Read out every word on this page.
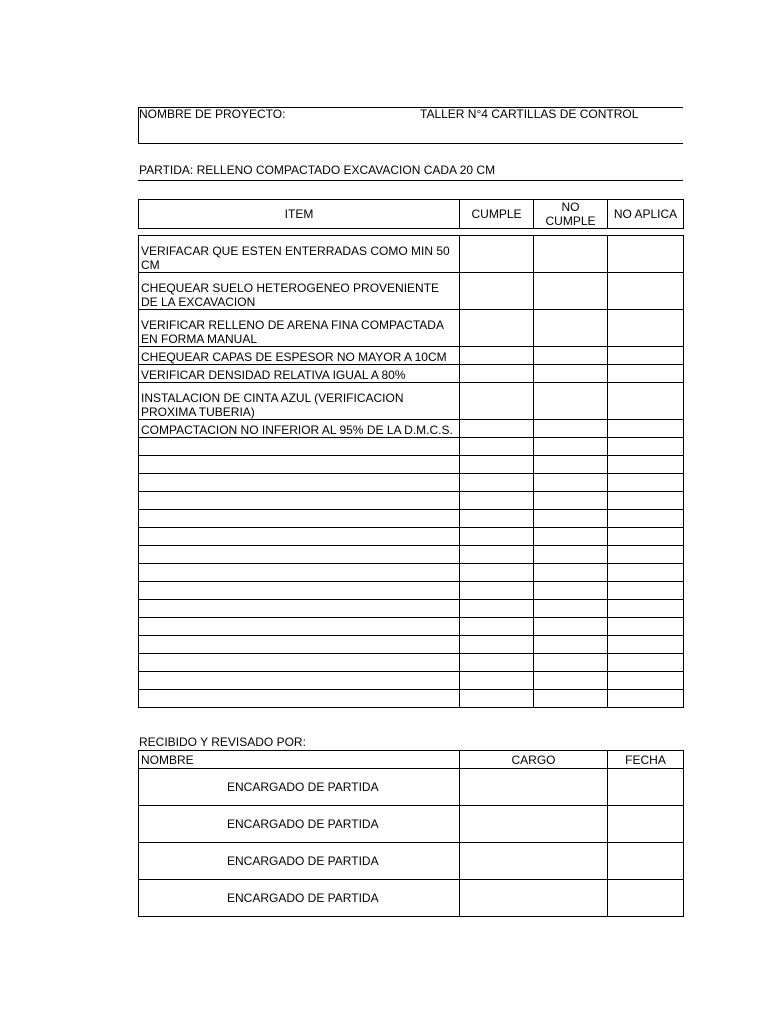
NOMBRE DE PROYECTO:	TALLER N°4 CARTILLAS DE CONTROL
PARTIDA: RELLENO COMPACTADO EXCAVACION CADA 20 CM
ITEM	CUMPLE	NO CUMPLE	NO APLICA
VERIFACAR QUE ESTEN ENTERRADAS COMO MIN 50 CM			
CHEQUEAR SUELO HETEROGENEO PROVENIENTE DE LA EXCAVACION			
VERIFICAR RELLENO DE ARENA FINA COMPACTADA EN FORMA MANUAL			
CHEQUEAR CAPAS DE ESPESOR NO MAYOR A 10CM			
VERIFICAR DENSIDAD RELATIVA IGUAL A 80%			
INSTALACION DE CINTA AZUL (VERIFICACION PROXIMA TUBERIA)			
COMPACTACION NO INFERIOR AL 95% DE LA D.M.C.S.			

RECIBIDO Y REVISADO POR:
NOMBRE	CARGO	FECHA
ENCARGADO DE PARTIDA		
ENCARGADO DE PARTIDA		
ENCARGADO DE PARTIDA		
ENCARGADO DE PARTIDA		
